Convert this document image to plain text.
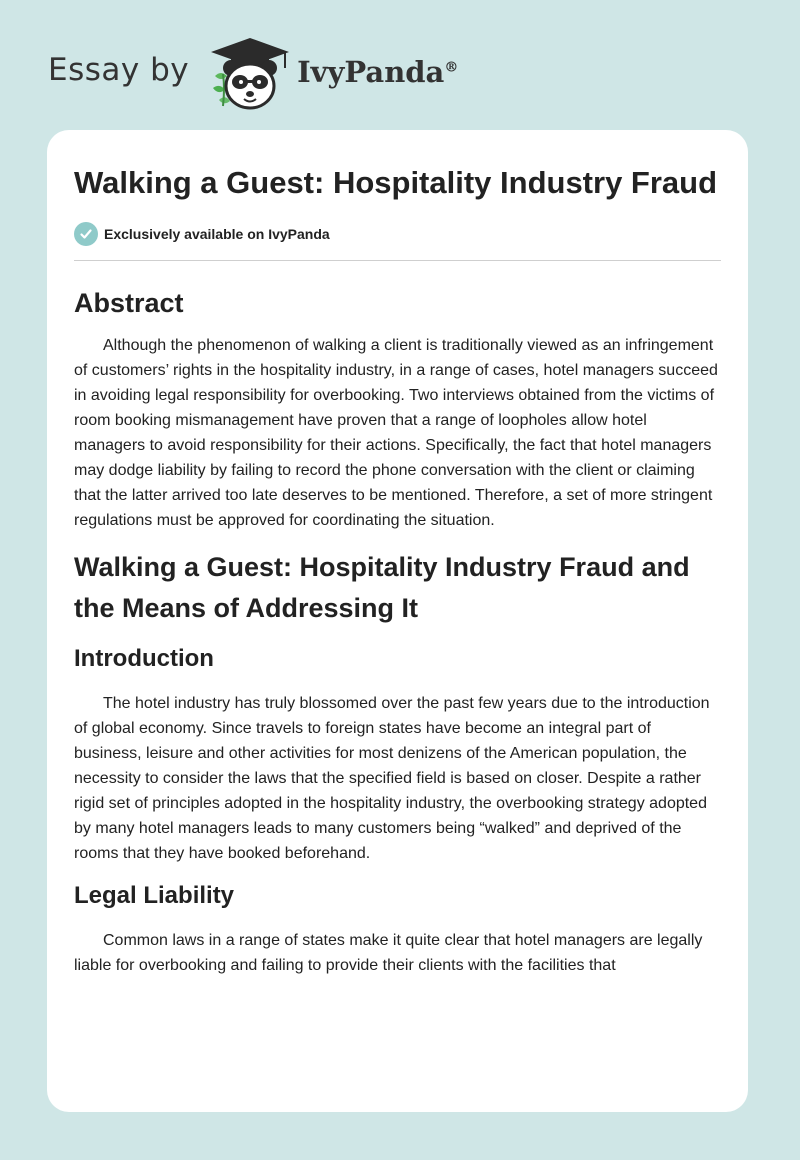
Essay by	IvyPanda®
Walking a Guest: Hospitality Industry Fraud
Exclusively available on IvyPanda
Abstract

Although the phenomenon of walking a client is traditionally viewed as an infringement of customers’ rights in the hospitality industry, in a range of cases, hotel managers succeed in avoiding legal responsibility for overbooking. Two interviews obtained from the victims of room booking mismanagement have proven that a range of loopholes allow hotel managers to avoid responsibility for their actions. Specifically, the fact that hotel managers may dodge liability by failing to record the phone conversation with the client or claiming that the latter arrived too late deserves to be mentioned. Therefore, a set of more stringent regulations must be approved for coordinating the situation.

Walking a Guest: Hospitality Industry Fraud and the Means of Addressing It
Introduction

The hotel industry has truly blossomed over the past few years due to the introduction of global economy. Since travels to foreign states have become an integral part of business, leisure and other activities for most denizens of the American population, the necessity to consider the laws that the specified field is based on closer. Despite a rather rigid set of principles adopted in the hospitality industry, the overbooking strategy adopted by many hotel managers leads to many customers being “walked” and deprived of the rooms that they have booked beforehand.

Legal Liability

Common laws in a range of states make it quite clear that hotel managers are legally liable for overbooking and failing to provide their clients with the facilities that
